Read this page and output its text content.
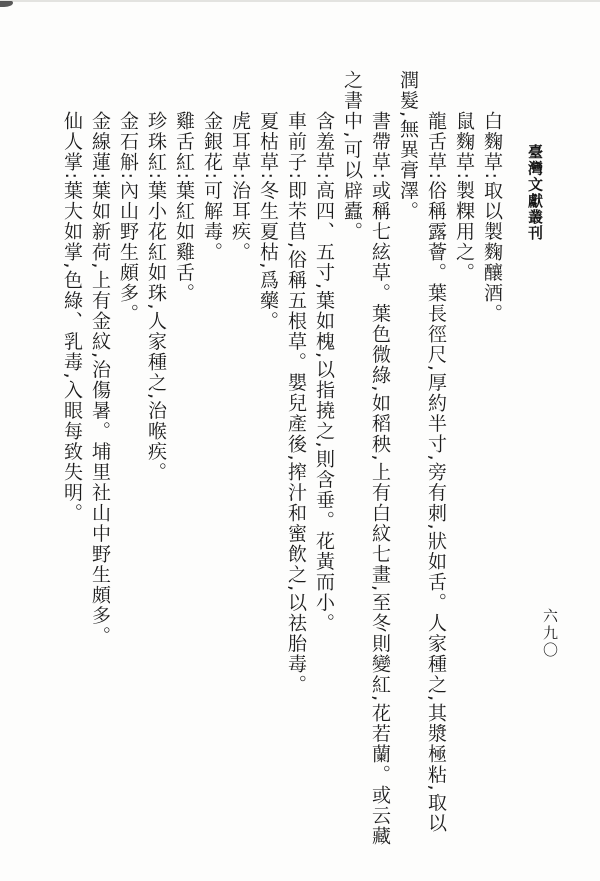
臺灣文獻叢刊
六九〇

白麴草:取以製麴釀酒。

鼠麴草:製粿用之。

龍舌草:俗稱露薈。葉長徑尺,厚約半寸,旁有刺,狀如舌。人家種之,其漿極粘,取以潤髮,無異膏澤。

書帶草:或稱七絃草。葉色微綠,如稻秧,上有白紋七畫,至冬則變紅,花若蘭。或云藏之書中,可以辟蠹。

含羞草:高四、五寸,葉如槐,以指撓之,則含垂。花黃而小。

車前子:即芣苢,俗稱五根草。嬰兒產後,搾汁和蜜飲之,以祛胎毒。

夏枯草:冬生夏枯,爲藥。

虎耳草:治耳疾。

金銀花:可解毒。

雞舌紅:葉紅如雞舌。

珍珠紅:葉小花紅如珠,人家種之,治喉疾。

金石斛:內山野生頗多。

金線蓮:葉如新荷,上有金紋,治傷暑。埔里社山中野生頗多。

仙人掌:葉大如掌,色綠、乳毒,入眼每致失明。
